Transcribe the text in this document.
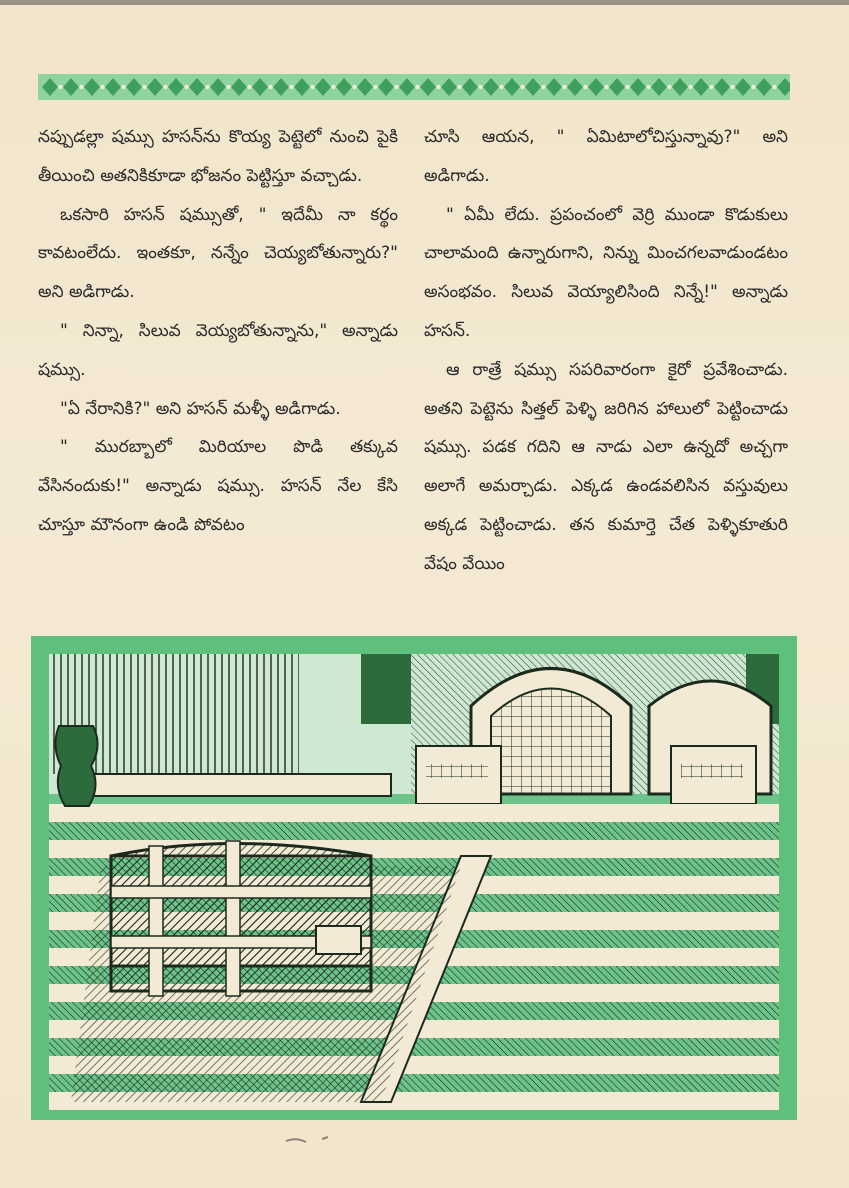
నప్పుడల్లా షమ్సు హసన్‌ను కొయ్య పెట్టెలో నుంచి పైకి తీయించి అతనికికూడా భోజనం పెట్టిస్తూ వచ్చాడు.

ఒకసారి హసన్ షమ్సుతో, " ఇదేమీ నా కర్థం కావటంలేదు. ఇంతకూ, నన్నేం చెయ్యబోతున్నారు?" అని అడిగాడు.

" నిన్నా, సిలువ వెయ్యబోతున్నాను," అన్నాడు షమ్సు.

"ఏ నేరానికి?" అని హసన్ మళ్ళీ అడిగాడు.

" మురబ్బాలో మిరియాల పొడి తక్కువ వేసినందుకు!" అన్నాడు షమ్సు. హసన్ నేల కేసి చూస్తూ మౌనంగా ఉండి పోవటం

చూసి ఆయన, " ఏమిటాలోచిస్తున్నావు?" అని అడిగాడు.

" ఏమీ లేదు. ప్రపంచంలో వెర్రి ముండా కొడుకులు చాలామంది ఉన్నారుగాని, నిన్ను మించగలవాడుండటం అసంభవం. సిలువ వెయ్యాలిసింది నిన్నే!" అన్నాడు హసన్.

ఆ రాత్రే షమ్సు సపరివారంగా కైరో ప్రవేశించాడు. అతని పెట్టెను సిత్తల్ పెళ్ళి జరిగిన హాలులో పెట్టించాడు షమ్సు. పడక గదిని ఆ నాడు ఎలా ఉన్నదో అచ్చగా అలాగే అమర్చాడు. ఎక్కడ ఉండవలిసిన వస్తువులు అక్కడ పెట్టించాడు. తన కుమార్తె చేత పెళ్ళికూతురి వేషం వేయిం
